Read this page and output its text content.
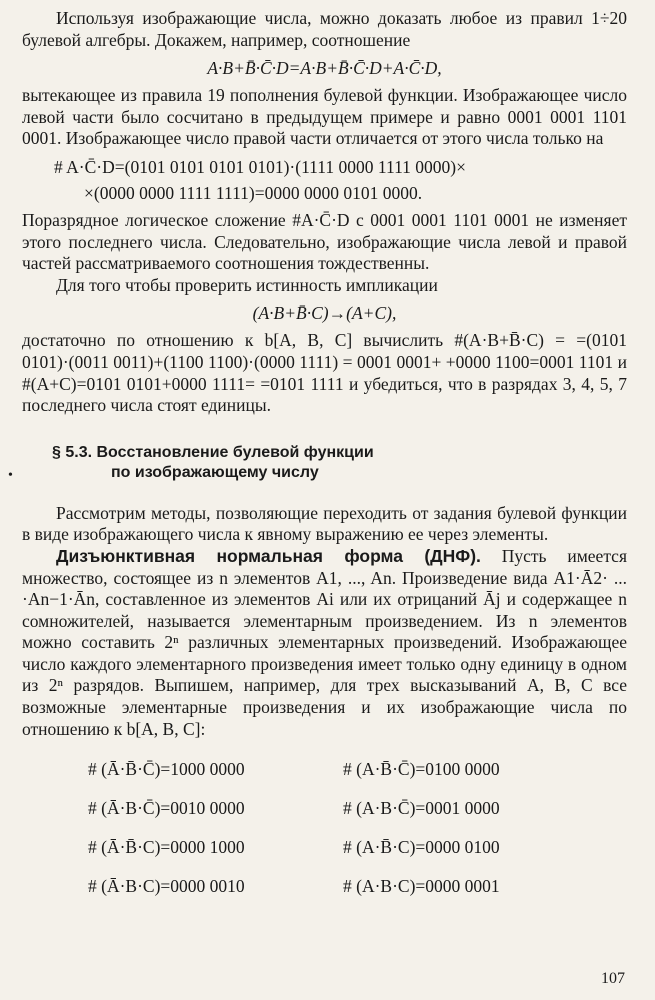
Используя изображающие числа, можно доказать любое из правил 1÷20 булевой алгебры. Докажем, например, соотношение

A·B+B̄·C̄·D=A·B+B̄·C̄·D+A·C̄·D,

вытекающее из правила 19 пополнения булевой функции. Изображающее число левой части было сосчитано в предыдущем примере и равно 0001 0001 1101 0001. Изображающее число правой части отличается от этого числа только на

# A·C̄·D=(0101 0101 0101 0101)·(1111 0000 1111 0000)×
×(0000 0000 1111 1111)=0000 0000 0101 0000.

Поразрядное логическое сложение #A·C̄·D с 0001 0001 1101 0001 не изменяет этого последнего числа. Следовательно, изображающие числа левой и правой частей рассматриваемого соотношения тождественны.

Для того чтобы проверить истинность импликации

(A·B+B̄·C)→(A+C),

достаточно по отношению к b[A, B, C] вычислить #(A·B+B̄·C) = =(0101 0101)·(0011 0011)+(1100 1100)·(0000 1111) = 0001 0001+ +0000 1100=0001 1101 и #(A+C)=0101 0101+0000 1111= =0101 1111 и убедиться, что в разрядах 3, 4, 5, 7 последнего числа стоят единицы.

§ 5.3. Восстановление булевой функции
по изображающему числу

Рассмотрим методы, позволяющие переходить от задания булевой функции в виде изображающего числа к явному выражению ее через элементы.

Дизъюнктивная нормальная форма (ДНФ). Пусть имеется множество, состоящее из n элементов A1, ..., An. Произведение вида A1·Ā2· ... ·An−1·Ān, составленное из элементов Ai или их отрицаний Āj и содержащее n сомножителей, называется элементарным произведением. Из n элементов можно составить 2ⁿ различных элементарных произведений. Изображающее число каждого элементарного произведения имеет только одну единицу в одном из 2ⁿ разрядов. Выпишем, например, для трех высказываний A, B, C все возможные элементарные произведения и их изображающие числа по отношению к b[A, B, C]:

# (Ā·B̄·C̄)=1000 0000	# (A·B̄·C̄)=0100 0000
# (Ā·B·C̄)=0010 0000	# (A·B·C̄)=0001 0000
# (Ā·B̄·C)=0000 1000	# (A·B̄·C)=0000 0100
# (Ā·B·C)=0000 0010	# (A·B·C)=0000 0001
•
107
